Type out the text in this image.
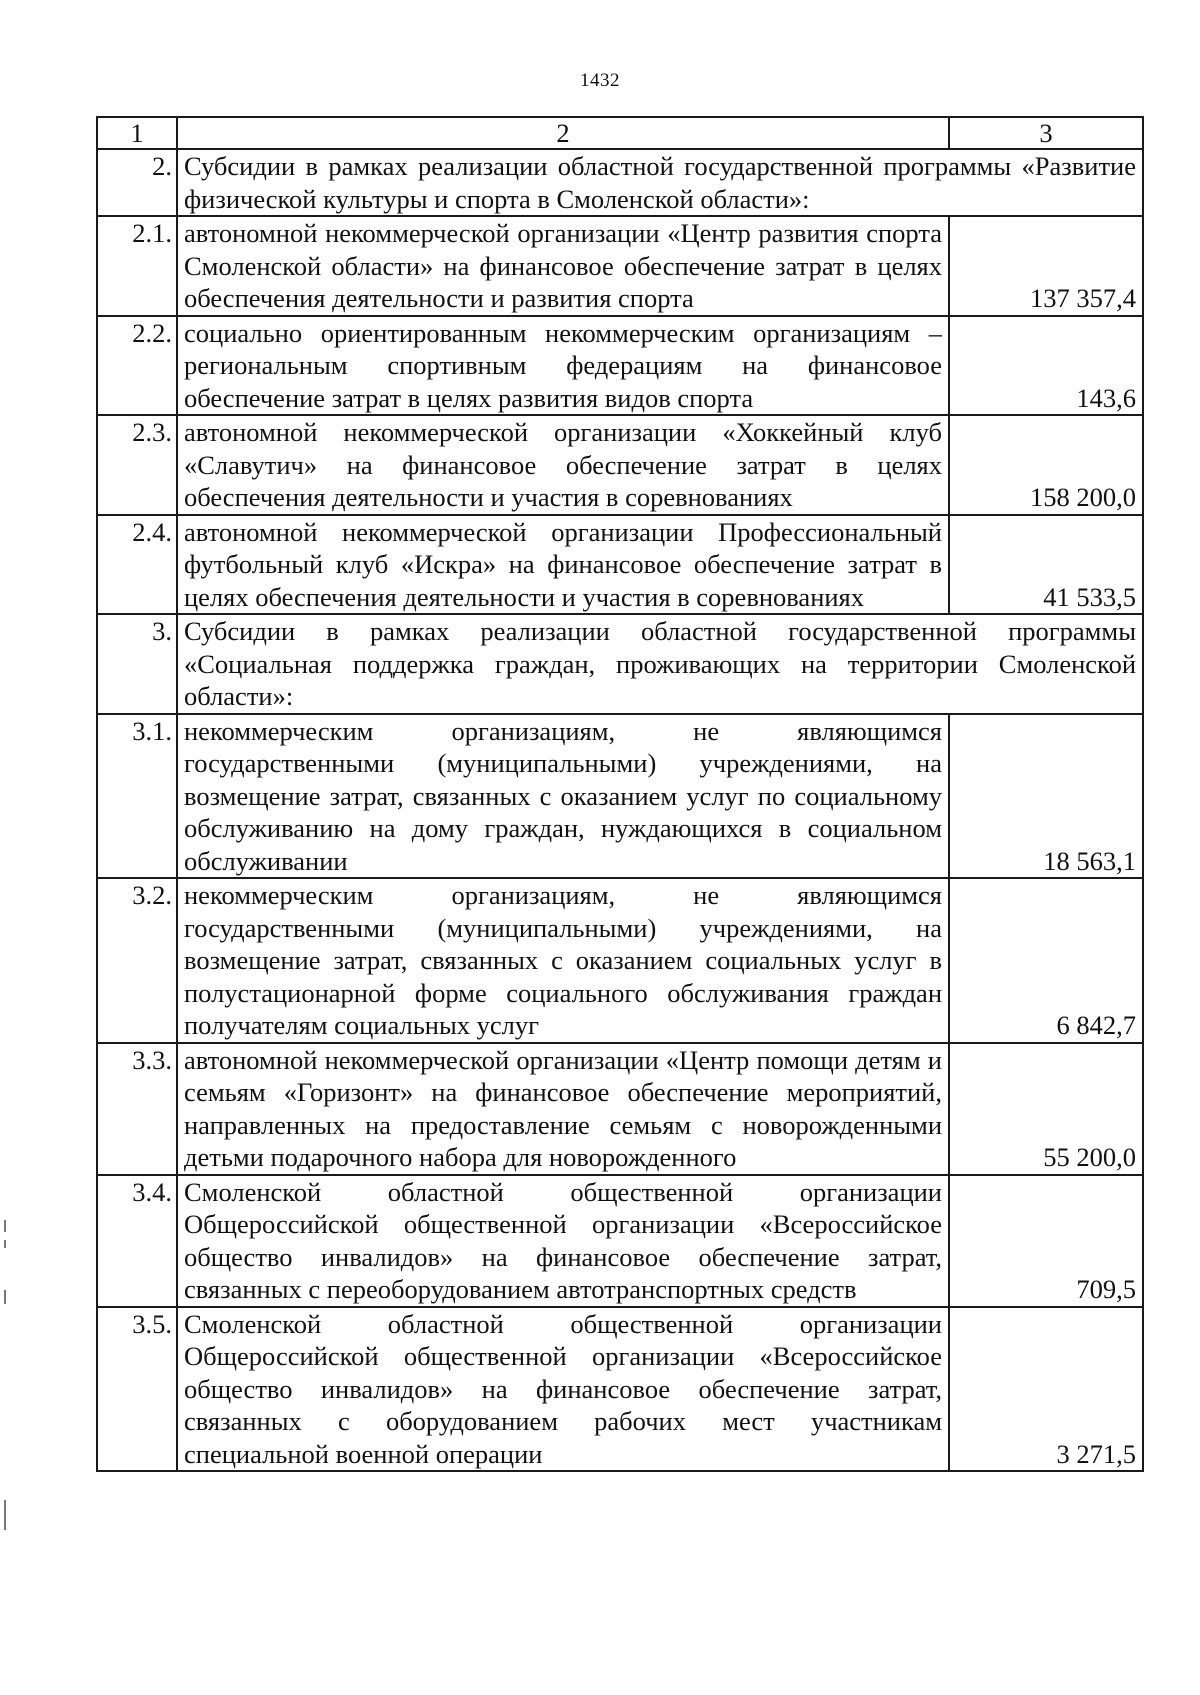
1432
1	2	3
2.	Субсидии в рамках реализации областной государственной программы «Развитие физической культуры и спорта в Смоленской области»:	
2.1.	автономной некоммерческой организации «Центр развития спорта Смоленской области» на финансовое обеспечение затрат в целях обеспечения деятельности и развития спорта	137 357,4
2.2.	социально ориентированным некоммерческим организациям – региональным спортивным федерациям на финансовое обеспечение затрат в целях развития видов спорта	143,6
2.3.	автономной некоммерческой организации «Хоккейный клуб «Славутич» на финансовое обеспечение затрат в целях обеспечения деятельности и участия в соревнованиях	158 200,0
2.4.	автономной некоммерческой организации Профессиональный футбольный клуб «Искра» на финансовое обеспечение затрат в целях обеспечения деятельности и участия в соревнованиях	41 533,5
3.	Субсидии в рамках реализации областной государственной программы «Социальная поддержка граждан, проживающих на территории Смоленской области»:	
3.1.	некоммерческим организациям, не являющимся государственными (муниципальными) учреждениями, на возмещение затрат, связанных с оказанием услуг по социальному обслуживанию на дому граждан, нуждающихся в социальном обслуживании	18 563,1
3.2.	некоммерческим организациям, не являющимся государственными (муниципальными) учреждениями, на возмещение затрат, связанных с оказанием социальных услуг в полустационарной форме социального обслуживания граждан получателям социальных услуг	6 842,7
3.3.	автономной некоммерческой организации «Центр помощи детям и семьям «Горизонт» на финансовое обеспечение мероприятий, направленных на предоставление семьям с новорожденными детьми подарочного набора для новорожденного	55 200,0
3.4.	Смоленской областной общественной организации Общероссийской общественной организации «Всероссийское общество инвалидов» на финансовое обеспечение затрат, связанных с переоборудованием автотранспортных средств	709,5
3.5.	Смоленской областной общественной организации Общероссийской общественной организации «Всероссийское общество инвалидов» на финансовое обеспечение затрат, связанных с оборудованием рабочих мест участникам специальной военной операции	3 271,5
